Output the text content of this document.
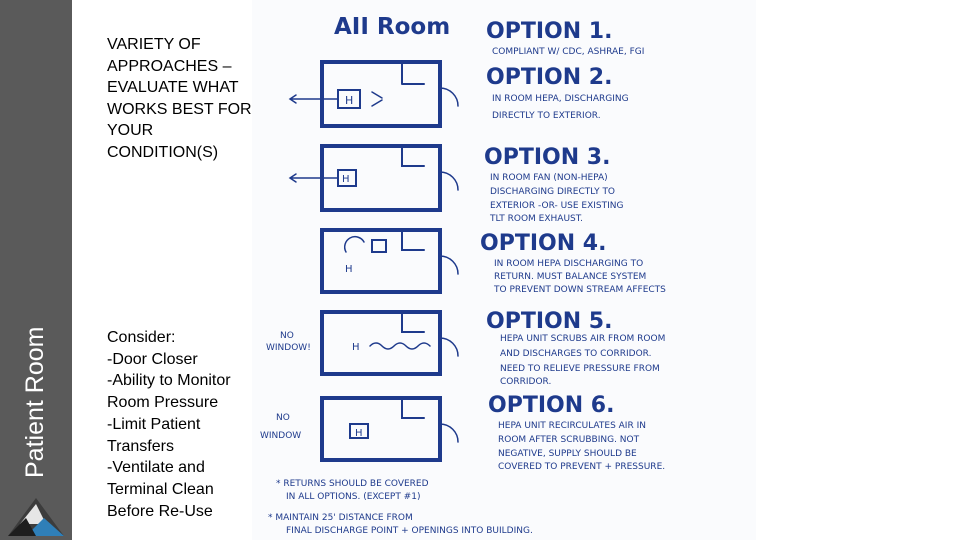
Patient Room
VARIETY OF APPROACHES – EVALUATE WHAT WORKS BEST FOR YOUR CONDITION(S)
Consider:
-Door Closer
-Ability to Monitor
Room Pressure
-Limit Patient
Transfers
-Ventilate and
Terminal Clean
Before Re-Use
H
H
H
H
H
AII Room OPTION 1.
COMPLIANT W/ CDC, ASHRAE, FGI
OPTION 2.
IN ROOM HEPA, DISCHARGING
DIRECTLY TO EXTERIOR.
OPTION 3.
IN ROOM FAN (NON-HEPA)
DISCHARGING DIRECTLY TO
EXTERIOR -OR- USE EXISTING
TLT ROOM EXHAUST.
OPTION 4.
IN ROOM HEPA DISCHARGING TO
RETURN. MUST BALANCE SYSTEM
TO PREVENT DOWN STREAM AFFECTS
OPTION 5.
HEPA UNIT SCRUBS AIR FROM ROOM
AND DISCHARGES TO CORRIDOR.
NEED TO RELIEVE PRESSURE FROM
CORRIDOR.
OPTION 6.
HEPA UNIT RECIRCULATES AIR IN
ROOM AFTER SCRUBBING. NOT
NEGATIVE, SUPPLY SHOULD BE
COVERED TO PREVENT + PRESSURE.
NO
WINDOW!
NO
WINDOW
* RETURNS SHOULD BE COVERED
IN ALL OPTIONS. (EXCEPT #1)
* MAINTAIN 25' DISTANCE FROM
FINAL DISCHARGE POINT + OPENINGS INTO BUILDING.
